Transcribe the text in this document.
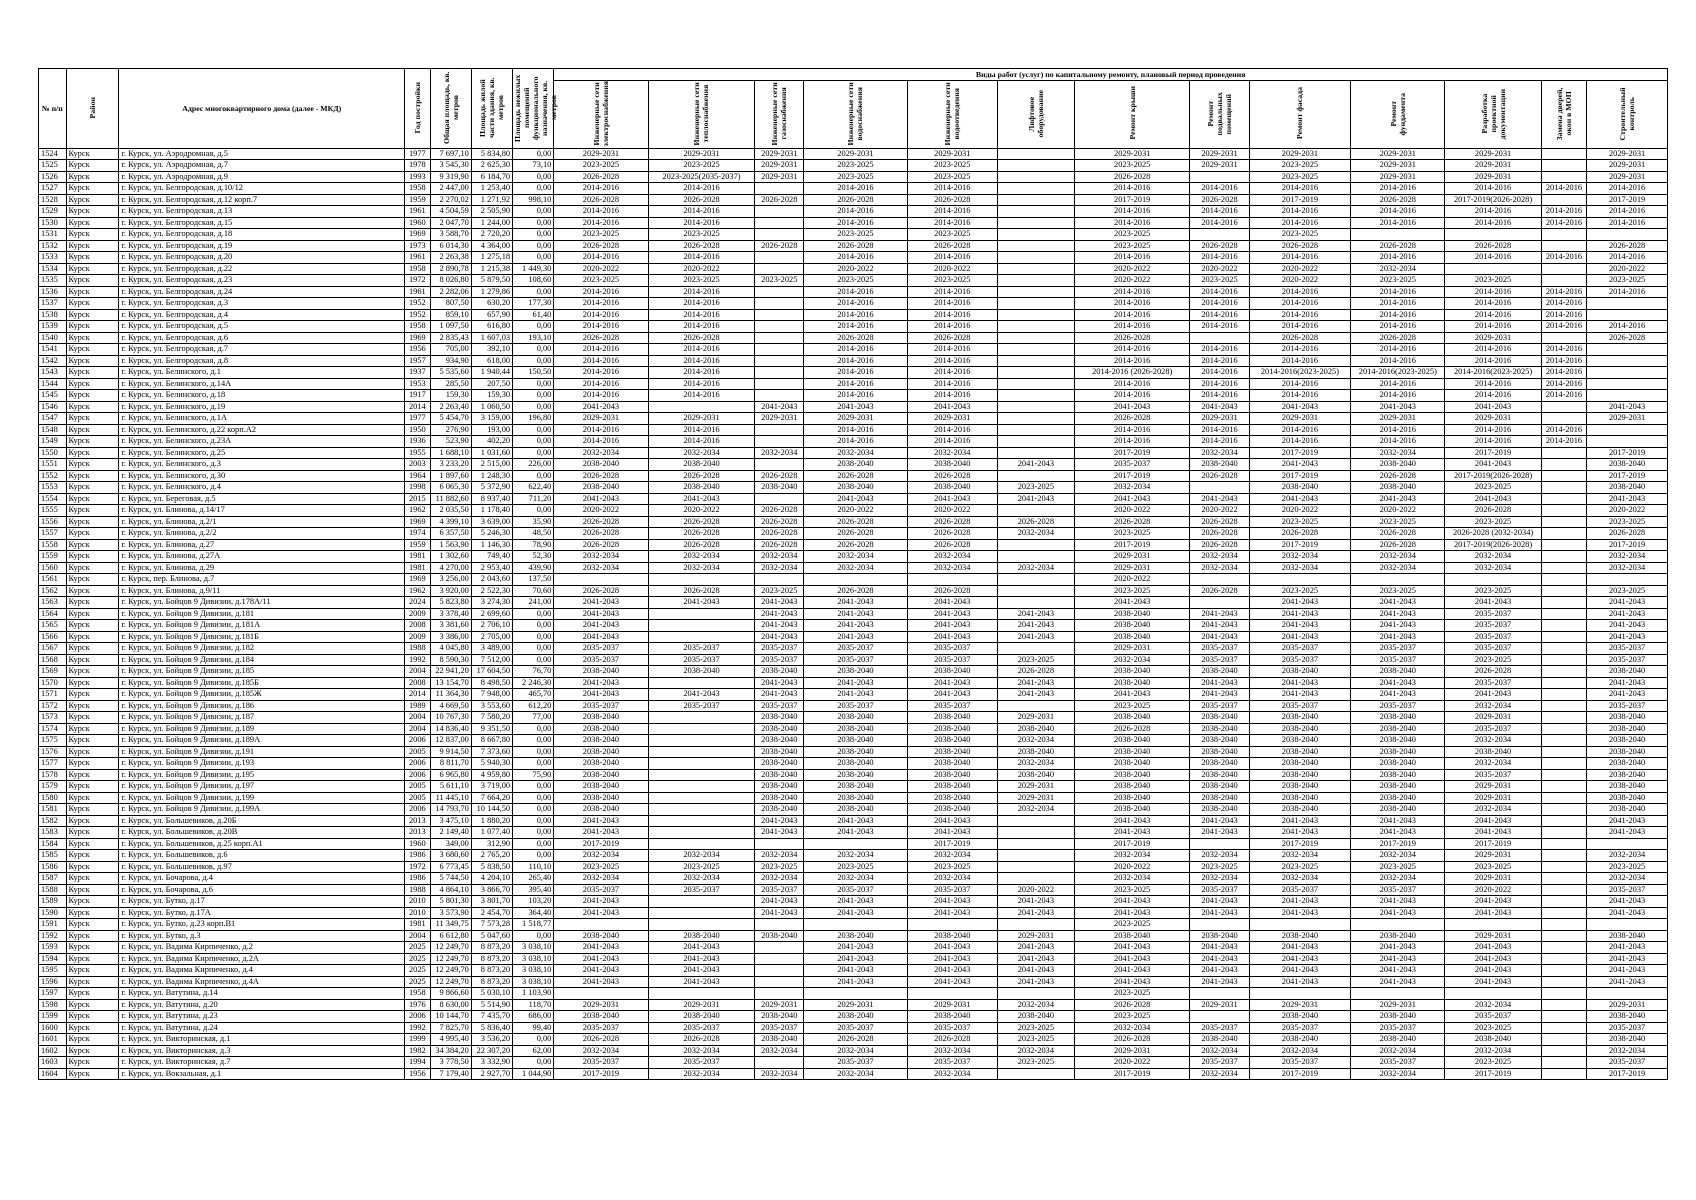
№ п/п	Район	Адрес многоквартирного дома (далее - МКД)	Год постройки	Общая площадь, кв. метров	Площадь жилой части здания, кв. метров	Площадь нежилых помещений функционального назначения, кв. метров	Виды работ (услуг) по капитальному ремонту, плановый период проведения												
							Инженерные сети электроснабжения	Инженерные сети теплоснабжения	Инженерные сети газоснабжения	Инженерные сети водоснабжения	Инженерные сети водоотведения	Лифтовое оборудование	Ремонт крыши	Ремонт подвальных помещений	Ремонт фасада	Ремонт фундамента	Разработка проектной документации	Замена дверей, окон в МОП	Строительный контроль
1524	Курск	г. Курск, ул. Аэродромная, д.5	1977	7 697,10	5 834,80	0,00	2029-2031	2029-2031	2029-2031	2029-2031	2029-2031		2029-2031	2029-2031	2029-2031	2029-2031	2029-2031		2029-2031
1525	Курск	г. Курск, ул. Аэродромная, д.7	1978	3 545,30	2 625,30	73,10	2023-2025	2023-2025	2029-2031	2023-2025	2023-2025		2023-2025	2029-2031	2023-2025	2029-2031	2029-2031		2029-2031
1526	Курск	г. Курск, ул. Аэродромная, д.9	1993	9 319,90	6 184,70	0,00	2026-2028	2023-2025(2035-2037)	2029-2031	2023-2025	2023-2025		2026-2028		2023-2025	2029-2031	2029-2031		2029-2031
1527	Курск	г. Курск, ул. Белгородская, д.10/12	1958	2 447,00	1 253,40	0,00	2014-2016	2014-2016		2014-2016	2014-2016		2014-2016	2014-2016	2014-2016	2014-2016	2014-2016	2014-2016	2014-2016
1528	Курск	г. Курск, ул. Белгородская, д.12 корп.7	1959	2 270,02	1 271,92	998,10	2026-2028	2026-2028	2026-2028	2026-2028	2026-2028		2017-2019	2026-2028	2017-2019	2026-2028	2017-2019(2026-2028)		2017-2019
1529	Курск	г. Курск, ул. Белгородская, д.13	1961	4 504,59	2 505,90	0,00	2014-2016	2014-2016		2014-2016	2014-2016		2014-2016	2014-2016	2014-2016	2014-2016	2014-2016	2014-2016	2014-2016
1530	Курск	г. Курск, ул. Белгородская, д.15	1960	2 047,70	1 244,00	0,00	2014-2016	2014-2016		2014-2016	2014-2016		2014-2016	2014-2016	2014-2016	2014-2016	2014-2016	2014-2016	2014-2016
1531	Курск	г. Курск, ул. Белгородская, д.18	1969	3 588,70	2 720,20	0,00	2023-2025	2023-2025		2023-2025	2023-2025		2023-2025		2023-2025				
1532	Курск	г. Курск, ул. Белгородская, д.19	1973	6 014,30	4 364,00	0,00	2026-2028	2026-2028	2026-2028	2026-2028	2026-2028		2023-2025	2026-2028	2026-2028	2026-2028	2026-2028		2026-2028
1533	Курск	г. Курск, ул. Белгородская, д.20	1961	2 263,38	1 275,18	0,00	2014-2016	2014-2016		2014-2016	2014-2016		2014-2016	2014-2016	2014-2016	2014-2016	2014-2016	2014-2016	2014-2016
1534	Курск	г. Курск, ул. Белгородская, д.22	1958	2 890,78	1 215,38	1 449,30	2020-2022	2020-2022		2020-2022	2020-2022		2020-2022	2020-2022	2020-2022	2032-2034			2020-2022
1535	Курск	г. Курск, ул. Белгородская, д.23	1972	8 026,80	5 879,50	108,60	2023-2025	2023-2025	2023-2025	2023-2025	2023-2025		2020-2022	2023-2025	2020-2022	2023-2025	2023-2025		2023-2025
1536	Курск	г. Курск, ул. Белгородская, д.24	1961	2 282,06	1 279,86	0,00	2014-2016	2014-2016		2014-2016	2014-2016		2014-2016	2014-2016	2014-2016	2014-2016	2014-2016	2014-2016	2014-2016
1537	Курск	г. Курск, ул. Белгородская, д.3	1952	807,50	630,20	177,30	2014-2016	2014-2016		2014-2016	2014-2016		2014-2016	2014-2016	2014-2016	2014-2016	2014-2016	2014-2016	
1538	Курск	г. Курск, ул. Белгородская, д.4	1952	859,10	657,90	61,40	2014-2016	2014-2016		2014-2016	2014-2016		2014-2016	2014-2016	2014-2016	2014-2016	2014-2016	2014-2016	
1539	Курск	г. Курск, ул. Белгородская, д.5	1958	1 097,50	616,80	0,00	2014-2016	2014-2016		2014-2016	2014-2016		2014-2016	2014-2016	2014-2016	2014-2016	2014-2016	2014-2016	2014-2016
1540	Курск	г. Курск, ул. Белгородская, д.6	1969	2 835,43	1 607,03	193,10	2026-2028	2026-2028		2026-2028	2026-2028		2026-2028		2026-2028	2026-2028	2029-2031		2026-2028
1541	Курск	г. Курск, ул. Белгородская, д.7	1956	705,00	392,10	0,00	2014-2016	2014-2016		2014-2016	2014-2016		2014-2016	2014-2016	2014-2016	2014-2016	2014-2016	2014-2016	
1542	Курск	г. Курск, ул. Белгородская, д.8	1957	934,90	618,00	0,00	2014-2016	2014-2016		2014-2016	2014-2016		2014-2016	2014-2016	2014-2016	2014-2016	2014-2016	2014-2016	
1543	Курск	г. Курск, ул. Белинского, д.1	1937	5 535,60	1 940,44	150,50	2014-2016	2014-2016		2014-2016	2014-2016		2014-2016 (2026-2028)	2014-2016	2014-2016(2023-2025)	2014-2016(2023-2025)	2014-2016(2023-2025)	2014-2016	
1544	Курск	г. Курск, ул. Белинского, д.14А	1953	285,50	207,50	0,00	2014-2016	2014-2016		2014-2016	2014-2016		2014-2016	2014-2016	2014-2016	2014-2016	2014-2016	2014-2016	
1545	Курск	г. Курск, ул. Белинского, д.18	1917	159,30	159,30	0,00	2014-2016	2014-2016		2014-2016	2014-2016		2014-2016	2014-2016	2014-2016	2014-2016	2014-2016	2014-2016	
1546	Курск	г. Курск, ул. Белинского, д.19	2014	2 263,40	1 060,50	0,00	2041-2043		2041-2043	2041-2043	2041-2043		2041-2043	2041-2043	2041-2043	2041-2043	2041-2043		2041-2043
1547	Курск	г. Курск, ул. Белинского, д.1А	1977	5 454,70	3 159,00	196,80	2029-2031	2029-2031	2029-2031	2029-2031	2029-2031		2026-2028	2029-2031	2029-2031	2029-2031	2029-2031		2029-2031
1548	Курск	г. Курск, ул. Белинского, д.22 корп.А2	1950	276,90	193,00	0,00	2014-2016	2014-2016		2014-2016	2014-2016		2014-2016	2014-2016	2014-2016	2014-2016	2014-2016	2014-2016	
1549	Курск	г. Курск, ул. Белинского, д.23А	1936	523,90	402,20	0,00	2014-2016	2014-2016		2014-2016	2014-2016		2014-2016	2014-2016	2014-2016	2014-2016	2014-2016	2014-2016	
1550	Курск	г. Курск, ул. Белинского, д.25	1955	1 688,10	1 031,60	0,00	2032-2034	2032-2034	2032-2034	2032-2034	2032-2034		2017-2019	2032-2034	2017-2019	2032-2034	2017-2019		2017-2019
1551	Курск	г. Курск, ул. Белинского, д.3	2003	3 233,20	2 515,00	226,00	2038-2040	2038-2040		2038-2040	2038-2040	2041-2043	2035-2037	2038-2040	2041-2043	2038-2040	2041-2043		2038-2040
1552	Курск	г. Курск, ул. Белинского, д.30	1964	1 897,60	1 248,30	0,00	2026-2028	2026-2028	2026-2028	2026-2028	2026-2028		2017-2019	2026-2028	2017-2019	2026-2028	2017-2019(2026-2028)		2017-2019
1553	Курск	г. Курск, ул. Белинского, д.4	1998	6 065,30	5 372,90	622,40	2038-2040	2038-2040	2038-2040	2038-2040	2038-2040	2023-2025	2032-2034		2038-2040	2038-2040	2023-2025		2038-2040
1554	Курск	г. Курск, ул. Береговая, д.5	2015	11 882,60	8 937,40	711,20	2041-2043	2041-2043		2041-2043	2041-2043	2041-2043	2041-2043	2041-2043	2041-2043	2041-2043	2041-2043		2041-2043
1555	Курск	г. Курск, ул. Блинова, д.14/17	1962	2 035,50	1 178,40	0,00	2020-2022	2020-2022	2026-2028	2020-2022	2020-2022		2020-2022	2020-2022	2020-2022	2020-2022	2026-2028		2020-2022
1556	Курск	г. Курск, ул. Блинова, д.2/1	1969	4 399,10	3 639,00	35,90	2026-2028	2026-2028	2026-2028	2026-2028	2026-2028	2026-2028	2026-2028	2026-2028	2023-2025	2023-2025	2023-2025		2023-2025
1557	Курск	г. Курск, ул. Блинова, д.2/2	1974	6 357,50	5 246,30	48,50	2026-2028	2026-2028	2026-2028	2026-2028	2026-2028	2032-2034	2023-2025	2026-2028	2026-2028	2026-2028	2026-2028 (2032-2034)		2026-2028
1558	Курск	г. Курск, ул. Блинова, д.27	1959	1 563,90	1 146,30	78,90	2026-2028	2026-2028	2026-2028	2026-2028	2026-2028		2017-2019	2026-2028	2017-2019	2026-2028	2017-2019(2026-2028)		2017-2019
1559	Курск	г. Курск, ул. Блинова, д.27А	1981	1 302,60	749,40	52,30	2032-2034	2032-2034	2032-2034	2032-2034	2032-2034		2029-2031	2032-2034	2032-2034	2032-2034	2032-2034		2032-2034
1560	Курск	г. Курск, ул. Блинова, д.29	1981	4 270,00	2 953,40	439,90	2032-2034	2032-2034	2032-2034	2032-2034	2032-2034	2032-2034	2029-2031	2032-2034	2032-2034	2032-2034	2032-2034		2032-2034
1561	Курск	г. Курск, пер. Блинова, д.7	1969	3 256,00	2 043,60	137,50							2020-2022						
1562	Курск	г. Курск, ул. Блинова, д.9/11	1962	3 920,00	2 522,30	70,60	2026-2028	2026-2028	2023-2025	2026-2028	2026-2028		2023-2025	2026-2028	2023-2025	2023-2025	2023-2025		2023-2025
1563	Курск	г. Курск, ул. Бойцов 9 Дивизии, д.178А/11	2024	5 823,80	3 274,30	241,00	2041-2043	2041-2043	2041-2043	2041-2043	2041-2043		2041-2043		2041-2043	2041-2043	2041-2043		2041-2043
1564	Курск	г. Курск, ул. Бойцов 9 Дивизии, д.181	2009	3 378,40	2 699,60	0,00	2041-2043		2041-2043	2041-2043	2041-2043	2041-2043	2038-2040	2041-2043	2041-2043	2041-2043	2035-2037		2041-2043
1565	Курск	г. Курск, ул. Бойцов 9 Дивизии, д.181А	2008	3 381,60	2 706,10	0,00	2041-2043		2041-2043	2041-2043	2041-2043	2041-2043	2038-2040	2041-2043	2041-2043	2041-2043	2035-2037		2041-2043
1566	Курск	г. Курск, ул. Бойцов 9 Дивизии, д.181Б	2009	3 386,00	2 705,00	0,00	2041-2043		2041-2043	2041-2043	2041-2043	2041-2043	2038-2040	2041-2043	2041-2043	2041-2043	2035-2037		2041-2043
1567	Курск	г. Курск, ул. Бойцов 9 Дивизии, д.182	1988	4 045,80	3 489,00	0,00	2035-2037	2035-2037	2035-2037	2035-2037	2035-2037		2029-2031	2035-2037	2035-2037	2035-2037	2035-2037		2035-2037
1568	Курск	г. Курск, ул. Бойцов 9 Дивизии, д.184	1992	8 590,30	7 512,00	0,00	2035-2037	2035-2037	2035-2037	2035-2037	2035-2037	2023-2025	2032-2034	2035-2037	2035-2037	2035-2037	2023-2025		2035-2037
1569	Курск	г. Курск, ул. Бойцов 9 Дивизии, д.185	2004	22 941,20	17 604,50	76,70	2038-2040	2038-2040	2038-2040	2038-2040	2038-2040	2026-2028	2038-2040	2038-2040	2038-2040	2038-2040	2026-2028		2038-2040
1570	Курск	г. Курск, ул. Бойцов 9 Дивизии, д.185Б	2008	13 154,70	8 498,50	2 246,30	2041-2043		2041-2043	2041-2043	2041-2043	2041-2043	2038-2040	2041-2043	2041-2043	2041-2043	2035-2037		2041-2043
1571	Курск	г. Курск, ул. Бойцов 9 Дивизии, д.185Ж	2014	11 364,30	7 948,00	465,70	2041-2043	2041-2043	2041-2043	2041-2043	2041-2043	2041-2043	2041-2043	2041-2043	2041-2043	2041-2043	2041-2043		2041-2043
1572	Курск	г. Курск, ул. Бойцов 9 Дивизии, д.186	1989	4 669,50	3 553,60	612,20	2035-2037	2035-2037	2035-2037	2035-2037	2035-2037		2023-2025	2035-2037	2035-2037	2035-2037	2032-2034		2035-2037
1573	Курск	г. Курск, ул. Бойцов 9 Дивизии, д.187	2004	10 767,30	7 580,20	77,00	2038-2040		2038-2040	2038-2040	2038-2040	2029-2031	2038-2040	2038-2040	2038-2040	2038-2040	2029-2031		2038-2040
1574	Курск	г. Курск, ул. Бойцов 9 Дивизии, д.189	2004	14 836,40	9 351,50	0,00	2038-2040		2038-2040	2038-2040	2038-2040	2038-2040	2026-2028	2038-2040	2038-2040	2038-2040	2035-2037		2038-2040
1575	Курск	г. Курск, ул. Бойцов 9 Дивизии, д.189А	2006	12 837,00	8 667,80	0,00	2038-2040		2038-2040	2038-2040	2038-2040	2032-2034	2038-2040	2038-2040	2038-2040	2038-2040	2032-2034		2038-2040
1576	Курск	г. Курск, ул. Бойцов 9 Дивизии, д.191	2005	9 914,50	7 373,60	0,00	2038-2040		2038-2040	2038-2040	2038-2040	2038-2040	2038-2040	2038-2040	2038-2040	2038-2040	2038-2040		2038-2040
1577	Курск	г. Курск, ул. Бойцов 9 Дивизии, д.193	2006	8 811,70	5 940,30	0,00	2038-2040		2038-2040	2038-2040	2038-2040	2032-2034	2038-2040	2038-2040	2038-2040	2038-2040	2032-2034		2038-2040
1578	Курск	г. Курск, ул. Бойцов 9 Дивизии, д.195	2006	6 965,80	4 959,80	75,90	2038-2040		2038-2040	2038-2040	2038-2040	2038-2040	2038-2040	2038-2040	2038-2040	2038-2040	2035-2037		2038-2040
1579	Курск	г. Курск, ул. Бойцов 9 Дивизии, д.197	2005	5 611,10	3 719,00	0,00	2038-2040		2038-2040	2038-2040	2038-2040	2029-2031	2038-2040	2038-2040	2038-2040	2038-2040	2029-2031		2038-2040
1580	Курск	г. Курск, ул. Бойцов 9 Дивизии, д.199	2005	11 445,10	7 664,20	0,00	2038-2040		2038-2040	2038-2040	2038-2040	2029-2031	2038-2040	2038-2040	2038-2040	2038-2040	2029-2031		2038-2040
1581	Курск	г. Курск, ул. Бойцов 9 Дивизии, д.199А	2006	14 793,70	10 144,50	0,00	2038-2040		2038-2040	2038-2040	2038-2040	2032-2034	2038-2040	2038-2040	2038-2040	2038-2040	2032-2034		2038-2040
1582	Курск	г. Курск, ул. Большевиков, д.20Б	2013	3 475,10	1 880,20	0,00	2041-2043		2041-2043	2041-2043	2041-2043		2041-2043	2041-2043	2041-2043	2041-2043	2041-2043		2041-2043
1583	Курск	г. Курск, ул. Большевиков, д.20В	2013	2 149,40	1 077,40	0,00	2041-2043		2041-2043	2041-2043	2041-2043		2041-2043	2041-2043	2041-2043	2041-2043	2041-2043		2041-2043
1584	Курск	г. Курск, ул. Большевиков, д.25 корп.А1	1960	349,00	312,90	0,00	2017-2019				2017-2019		2017-2019		2017-2019	2017-2019	2017-2019		
1585	Курск	г. Курск, ул. Большевиков, д.6	1986	3 680,60	2 765,20	0,00	2032-2034	2032-2034	2032-2034	2032-2034	2032-2034		2032-2034	2032-2034	2032-2034	2032-2034	2029-2031		2032-2034
1586	Курск	г. Курск, ул. Большевиков, д.97	1972	6 773,45	5 838,50	110,10	2023-2025	2023-2025	2023-2025	2023-2025	2023-2025		2020-2022	2023-2025	2023-2025	2023-2025	2023-2025		2023-2025
1587	Курск	г. Курск, ул. Бочарова, д.4	1986	5 744,50	4 204,10	265,40	2032-2034	2032-2034	2032-2034	2032-2034	2032-2034		2032-2034	2032-2034	2032-2034	2032-2034	2029-2031		2032-2034
1588	Курск	г. Курск, ул. Бочарова, д.6	1988	4 864,10	3 866,70	395,40	2035-2037	2035-2037	2035-2037	2035-2037	2035-2037	2020-2022	2023-2025	2035-2037	2035-2037	2035-2037	2020-2022		2035-2037
1589	Курск	г. Курск, ул. Бутко, д.17	2010	5 801,30	3 801,70	103,20	2041-2043		2041-2043	2041-2043	2041-2043	2041-2043	2041-2043	2041-2043	2041-2043	2041-2043	2041-2043		2041-2043
1590	Курск	г. Курск, ул. Бутко, д.17А	2010	3 573,90	2 454,70	364,40	2041-2043		2041-2043	2041-2043	2041-2043	2041-2043	2041-2043	2041-2043	2041-2043	2041-2043	2041-2043		2041-2043
1591	Курск	г. Курск, ул. Бутко, д.23 корп.В1	1981	11 349,75	7 573,28	1 518,77							2023-2025						
1592	Курск	г. Курск, ул. Бутко, д.3	2004	6 612,80	5 047,60	0,00	2038-2040	2038-2040	2038-2040	2038-2040	2038-2040	2029-2031	2038-2040	2038-2040	2038-2040	2038-2040	2029-2031		2038-2040
1593	Курск	г. Курск, ул. Вадима Кирпиченко, д.2	2025	12 249,70	8 873,20	3 038,10	2041-2043	2041-2043		2041-2043	2041-2043	2041-2043	2041-2043	2041-2043	2041-2043	2041-2043	2041-2043		2041-2043
1594	Курск	г. Курск, ул. Вадима Кирпиченко, д.2А	2025	12 249,70	8 873,20	3 038,10	2041-2043	2041-2043		2041-2043	2041-2043	2041-2043	2041-2043	2041-2043	2041-2043	2041-2043	2041-2043		2041-2043
1595	Курск	г. Курск, ул. Вадима Кирпиченко, д.4	2025	12 249,70	8 873,20	3 038,10	2041-2043	2041-2043		2041-2043	2041-2043	2041-2043	2041-2043	2041-2043	2041-2043	2041-2043	2041-2043		2041-2043
1596	Курск	г. Курск, ул. Вадима Кирпиченко, д.4А	2025	12 249,70	8 873,20	3 038,10	2041-2043	2041-2043		2041-2043	2041-2043	2041-2043	2041-2043	2041-2043	2041-2043	2041-2043	2041-2043		2041-2043
1597	Курск	г. Курск, ул. Ватутина, д.14	1958	9 866,60	5 030,10	1 103,90							2023-2025						
1598	Курск	г. Курск, ул. Ватутина, д.20	1976	8 630,00	5 514,90	118,70	2029-2031	2029-2031	2029-2031	2029-2031	2029-2031	2032-2034	2026-2028	2029-2031	2029-2031	2029-2031	2032-2034		2029-2031
1599	Курск	г. Курск, ул. Ватутина, д.23	2006	10 144,70	7 435,70	686,00	2038-2040	2038-2040	2038-2040	2038-2040	2038-2040	2038-2040	2023-2025		2038-2040	2038-2040	2035-2037		2038-2040
1600	Курск	г. Курск, ул. Ватутина, д.24	1992	7 825,70	5 836,40	99,40	2035-2037	2035-2037	2035-2037	2035-2037	2035-2037	2023-2025	2032-2034	2035-2037	2035-2037	2035-2037	2023-2025		2035-2037
1601	Курск	г. Курск, ул. Викторинская, д.1	1999	4 995,40	3 536,20	0,00	2026-2028	2026-2028	2038-2040	2026-2028	2026-2028	2023-2025	2026-2028	2038-2040	2038-2040	2038-2040	2038-2040		2038-2040
1602	Курск	г. Курск, ул. Викторинская, д.3	1982	34 384,20	22 307,20	62,00	2032-2034	2032-2034	2032-2034	2032-2034	2032-2034	2032-2034	2029-2031	2032-2034	2032-2034	2032-2034	2032-2034		2032-2034
1603	Курск	г. Курск, ул. Викторинская, д.7	1994	3 778,50	3 332,90	0,00	2035-2037	2035-2037		2035-2037	2035-2037	2023-2025	2020-2022	2035-2037	2035-2037	2035-2037	2023-2025		2035-2037
1604	Курск	г. Курск, ул. Вокзальная, д.1	1956	7 179,40	2 927,70	1 044,90	2017-2019	2032-2034	2032-2034	2032-2034	2032-2034		2017-2019	2032-2034	2017-2019	2032-2034	2017-2019		2017-2019
